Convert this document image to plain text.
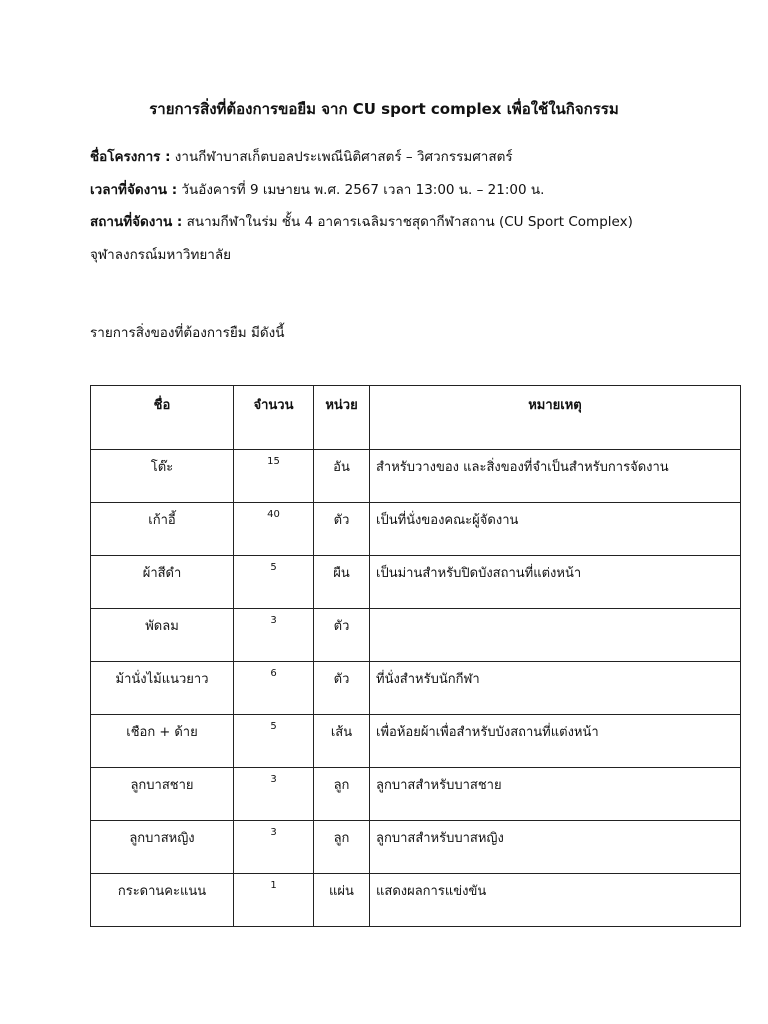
รายการสิ่งที่ต้องการขอยืม จาก CU sport complex เพื่อใช้ในกิจกรรม
ชื่อโครงการ : งานกีฬาบาสเก็ตบอลประเพณีนิติศาสตร์ – วิศวกรรมศาสตร์
เวลาที่จัดงาน : วันอังคารที่ 9 เมษายน พ.ศ. 2567 เวลา 13:00 น. – 21:00 น.
สถานที่จัดงาน : สนามกีฬาในร่ม ชั้น 4 อาคารเฉลิมราชสุดากีฬาสถาน (CU Sport Complex)
จุฬาลงกรณ์มหาวิทยาลัย
รายการสิ่งของที่ต้องการยืม มีดังนี้
ชื่อ	จำนวน	หน่วย	หมายเหตุ
โต๊ะ	15	อัน	สำหรับวางของ และสิ่งของที่จำเป็นสำหรับการจัดงาน
เก้าอี้	40	ตัว	เป็นที่นั่งของคณะผู้จัดงาน
ผ้าสีดำ	5	ผืน	เป็นม่านสำหรับปิดบังสถานที่แต่งหน้า
พัดลม	3	ตัว	
ม้านั่งไม้แนวยาว	6	ตัว	ที่นั่งสำหรับนักกีฬา
เชือก + ด้าย	5	เส้น	เพื่อห้อยผ้าเพื่อสำหรับบังสถานที่แต่งหน้า
ลูกบาสชาย	3	ลูก	ลูกบาสสำหรับบาสชาย
ลูกบาสหญิง	3	ลูก	ลูกบาสสำหรับบาสหญิง
กระดานคะแนน	1	แผ่น	แสดงผลการแข่งขัน
